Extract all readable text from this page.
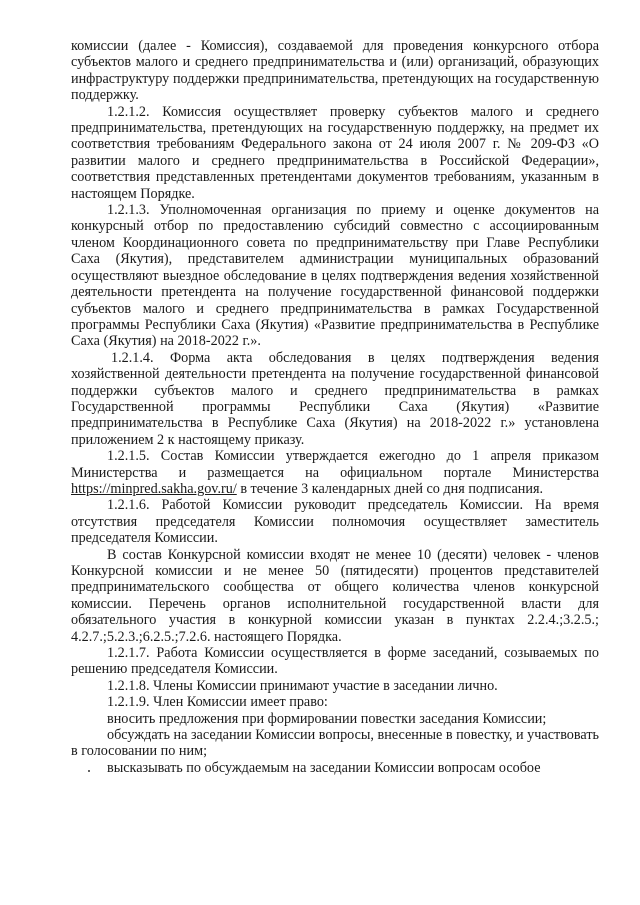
комиссии (далее - Комиссия), создаваемой для проведения конкурсного отбора субъектов малого и среднего предпринимательства и (или) организаций, образующих инфраструктуру поддержки предпринимательства, претендующих на государственную поддержку.

1.2.1.2. Комиссия осуществляет проверку субъектов малого и среднего предпринимательства, претендующих на государственную поддержку, на предмет их соответствия требованиям Федерального закона от 24 июля 2007 г. № 209-ФЗ «О развитии малого и среднего предпринимательства в Российской Федерации», соответствия представленных претендентами документов требованиям, указанным в настоящем Порядке.

1.2.1.3. Уполномоченная организация по приему и оценке документов на конкурсный отбор по предоставлению субсидий совместно с ассоциированным членом Координационного совета по предпринимательству при Главе Республики Саха (Якутия), представителем администрации муниципальных образований осуществляют выездное обследование в целях подтверждения ведения хозяйственной деятельности претендента на получение государственной финансовой поддержки субъектов малого и среднего предпринимательства в рамках Государственной программы Республики Саха (Якутия) «Развитие предпринимательства в Республике Саха (Якутия) на 2018-2022 г.».

1.2.1.4. Форма акта обследования в целях подтверждения ведения хозяйственной деятельности претендента на получение государственной финансовой поддержки субъектов малого и среднего предпринимательства в рамках Государственной программы Республики Саха (Якутия) «Развитие предпринимательства в Республике Саха (Якутия) на 2018-2022 г.» установлена приложением 2 к настоящему приказу.

1.2.1.5. Состав Комиссии утверждается ежегодно до 1 апреля приказом Министерства и размещается на официальном портале Министерства https://minpred.sakha.gov.ru/ в течение 3 календарных дней со дня подписания.

1.2.1.6. Работой Комиссии руководит председатель Комиссии. На время отсутствия председателя Комиссии полномочия осуществляет заместитель председателя Комиссии.

В состав Конкурсной комиссии входят не менее 10 (десяти) человек - членов Конкурсной комиссии и не менее 50 (пятидесяти) процентов представителей предпринимательского сообщества от общего количества членов конкурсной комиссии. Перечень органов исполнительной государственной власти для обязательного участия в конкурной комиссии указан в пунктах 2.2.4.;3.2.5.; 4.2.7.;5.2.3.;6.2.5.;7.2.6. настоящего Порядка.

1.2.1.7. Работа Комиссии осуществляется в форме заседаний, созываемых по решению председателя Комиссии.

1.2.1.8. Члены Комиссии принимают участие в заседании лично.

1.2.1.9. Член Комиссии имеет право:

вносить предложения при формировании повестки заседания Комиссии;

обсуждать на заседании Комиссии вопросы, внесенные в повестку, и участвовать в голосовании по ним;

высказывать по обсуждаемым на заседании Комиссии вопросам особое
